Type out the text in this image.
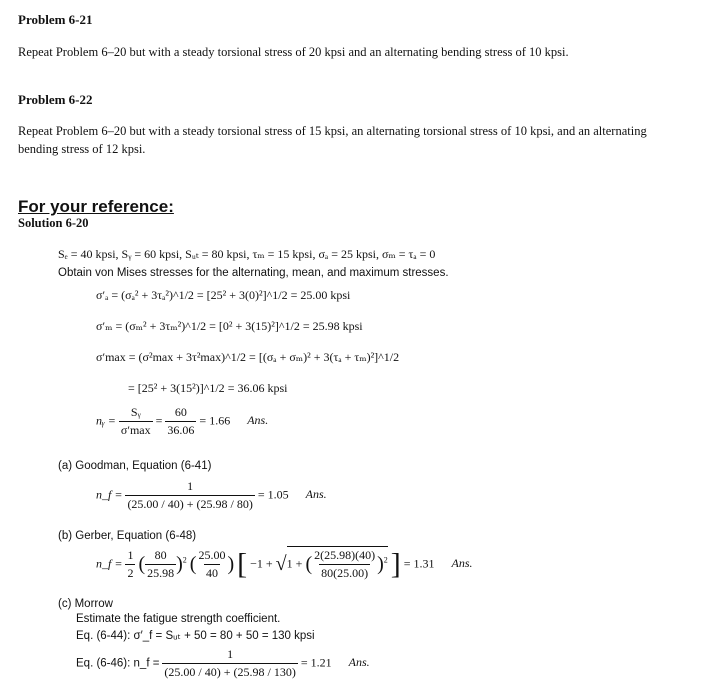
Problem 6-21
Repeat Problem 6–20 but with a steady torsional stress of 20 kpsi and an alternating bending stress of 10 kpsi.
Problem 6-22
Repeat Problem 6–20 but with a steady torsional stress of 15 kpsi, an alternating torsional stress of 10 kpsi, and an alternating bending stress of 12 kpsi.
For your reference:
Solution 6-20
Sₑ = 40 kpsi, Sᵧ = 60 kpsi, Sᵤₜ = 80 kpsi, τₘ = 15 kpsi, σₐ = 25 kpsi, σₘ = τₐ = 0
Obtain von Mises stresses for the alternating, mean, and maximum stresses.
σ′ₐ = (σₐ² + 3τₐ²)^1/2 = [25² + 3(0)²]^1/2 = 25.00 kpsi
σ′ₘ = (σₘ² + 3τₘ²)^1/2 = [0² + 3(15)²]^1/2 = 25.98 kpsi
σ′max = (σ²max + 3τ²max)^1/2 = [(σₐ + σₘ)² + 3(τₐ + τₘ)²]^1/2
= [25² + 3(15²)]^1/2 = 36.06 kpsi
nᵧ = $\frac{\text{Sᵧ}}{\sigma'\max} = \frac{60}{36.06} = 1.66$ Ans.
(a) Goodman, Equation (6-41)
n_f = $\frac{1}{(25.00 / 40) + (25.98 / 80)} = 1.05$ Ans.
(b) Gerber, Equation (6-48)
n_f = $\frac{1}{2}$ ( $\frac{80}{25.98} )^2$ ( $\frac{25.00}{40}$ ) [ −1 + √1 + ( $\frac{2(25.98)(40)}{80(25.00)} )^2$ ] = 1.31 Ans.
(c) Morrow
Estimate the fatigue strength coefficient.
Eq. (6-44): σ′_f = Sᵤₜ + 50 = 80 + 50 = 130 kpsi
Eq. (6-46): n_f = $\frac{1}{(25.00 / 40) + (25.98 / 130)} = 1.21$ Ans.
